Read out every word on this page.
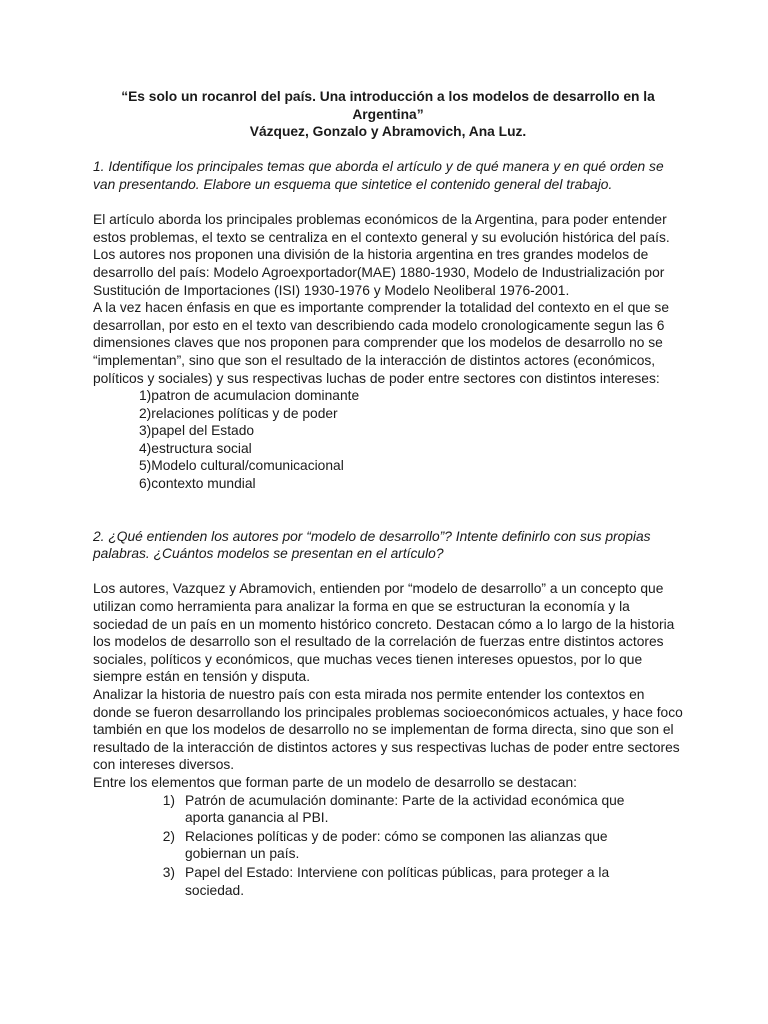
“Es solo un rocanrol del país. Una introducción a los modelos de desarrollo en la Argentina”
Vázquez, Gonzalo y Abramovich, Ana Luz.

1. Identifique los principales temas que aborda el artículo y de qué manera y en qué orden se van presentando. Elabore un esquema que sintetice el contenido general del trabajo.

El artículo aborda los principales problemas económicos de la Argentina, para poder entender estos problemas, el texto se centraliza en el contexto general y su evolución histórica del país. Los autores nos proponen una división de la historia argentina en tres grandes modelos de desarrollo del país: Modelo Agroexportador(MAE) 1880-1930, Modelo de Industrialización por Sustitución de Importaciones (ISI) 1930-1976 y Modelo Neoliberal 1976-2001.

A la vez hacen énfasis en que es importante comprender la totalidad del contexto en el que se desarrollan, por esto en el texto van describiendo cada modelo cronologicamente segun las 6 dimensiones claves que nos proponen para comprender que los modelos de desarrollo no se “implementan”, sino que son el resultado de la interacción de distintos actores (económicos, políticos y sociales) y sus respectivas luchas de poder entre sectores con distintos intereses:

1)patron de acumulacion dominante
2)relaciones políticas y de poder
3)papel del Estado
4)estructura social
5)Modelo cultural/comunicacional
6)contexto mundial

2. ¿Qué entienden los autores por “modelo de desarrollo”? Intente definirlo con sus propias palabras. ¿Cuántos modelos se presentan en el artículo?

Los autores, Vazquez y Abramovich, entienden por “modelo de desarrollo” a un concepto que utilizan como herramienta para analizar la forma en que se estructuran la economía y la sociedad de un país en un momento histórico concreto. Destacan cómo a lo largo de la historia los modelos de desarrollo son el resultado de la correlación de fuerzas entre distintos actores sociales, políticos y económicos, que muchas veces tienen intereses opuestos, por lo que siempre están en tensión y disputa.

Analizar la historia de nuestro país con esta mirada nos permite entender los contextos en donde se fueron desarrollando los principales problemas socioeconómicos actuales, y hace foco también en que los modelos de desarrollo no se implementan de forma directa, sino que son el resultado de la interacción de distintos actores y sus respectivas luchas de poder entre sectores con intereses diversos.

Entre los elementos que forman parte de un modelo de desarrollo se destacan:

1) Patrón de acumulación dominante: Parte de la actividad económica que aporta ganancia al PBI.
2) Relaciones políticas y de poder: cómo se componen las alianzas que gobiernan un país.
3) Papel del Estado: Interviene con políticas públicas, para proteger a la sociedad.
